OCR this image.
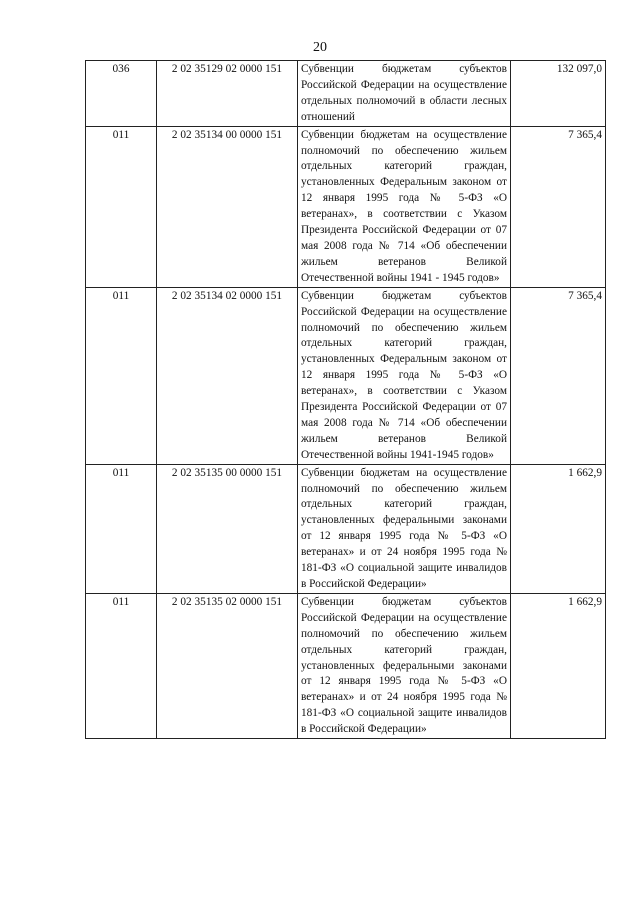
20
036	2 02 35129 02 0000 151	Субвенции бюджетам субъектов Российской Федерации на осуществление отдельных полномочий в области лесных отношений	132 097,0
011	2 02 35134 00 0000 151	Субвенции бюджетам на осуществление полномочий по обеспечению жильем отдельных категорий граждан, установленных Федеральным законом от 12 января 1995 года № 5-ФЗ «О ветеранах», в соответствии с Указом Президента Российской Федерации от 07 мая 2008 года № 714 «Об обеспечении жильем ветеранов Великой Отечественной войны 1941 - 1945 годов»	7 365,4
011	2 02 35134 02 0000 151	Субвенции бюджетам субъектов Российской Федерации на осуществление полномочий по обеспечению жильем отдельных категорий граждан, установленных Федеральным законом от 12 января 1995 года № 5-ФЗ «О ветеранах», в соответствии с Указом Президента Российской Федерации от 07 мая 2008 года № 714 «Об обеспечении жильем ветеранов Великой Отечественной войны 1941-1945 годов»	7 365,4
011	2 02 35135 00 0000 151	Субвенции бюджетам на осуществление полномочий по обеспечению жильем отдельных категорий граждан, установленных федеральными законами от 12 января 1995 года № 5-ФЗ «О ветеранах» и от 24 ноября 1995 года № 181-ФЗ «О социальной защите инвалидов в Российской Федерации»	1 662,9
011	2 02 35135 02 0000 151	Субвенции бюджетам субъектов Российской Федерации на осуществление полномочий по обеспечению жильем отдельных категорий граждан, установленных федеральными законами от 12 января 1995 года № 5-ФЗ «О ветеранах» и от 24 ноября 1995 года № 181-ФЗ «О социальной защите инвалидов в Российской Федерации»	1 662,9
